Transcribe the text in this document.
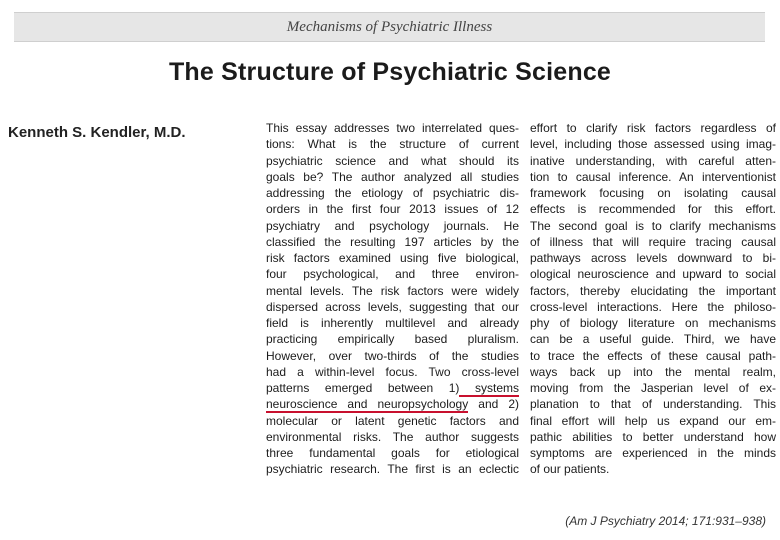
Mechanisms of Psychiatric Illness
The Structure of Psychiatric Science
Kenneth S. Kendler, M.D.	This essay addresses two interrelated ques-
tions: What is the structure of current
psychiatric science and what should its
goals be? The author analyzed all studies
addressing the etiology of psychiatric dis-
orders in the first four 2013 issues of 12
psychiatry and psychology journals. He
classified the resulting 197 articles by the
risk factors examined using five biological,
four psychological, and three environ-
mental levels. The risk factors were widely
dispersed across levels, suggesting that our
field is inherently multilevel and already
practicing empirically based pluralism.
However, over two-thirds of the studies
had a within-level focus. Two cross-level
patterns emerged between 1) systems
neuroscience and neuropsychology and 2)
molecular or latent genetic factors and
environmental risks. The author suggests
three fundamental goals for etiological
psychiatric research. The first is an eclectic
effort to clarify risk factors regardless of
level, including those assessed using imag-
inative understanding, with careful atten-
tion to causal inference. An interventionist
framework focusing on isolating causal
effects is recommended for this effort.
The second goal is to clarify mechanisms
of illness that will require tracing causal
pathways across levels downward to bi-
ological neuroscience and upward to social
factors, thereby elucidating the important
cross-level interactions. Here the philoso-
phy of biology literature on mechanisms
can be a useful guide. Third, we have
to trace the effects of these causal path-
ways back up into the mental realm,
moving from the Jasperian level of ex-
planation to that of understanding. This
final effort will help us expand our em-
pathic abilities to better understand how
symptoms are experienced in the minds
of our patients.
(Am J Psychiatry 2014; 171:931–938)
